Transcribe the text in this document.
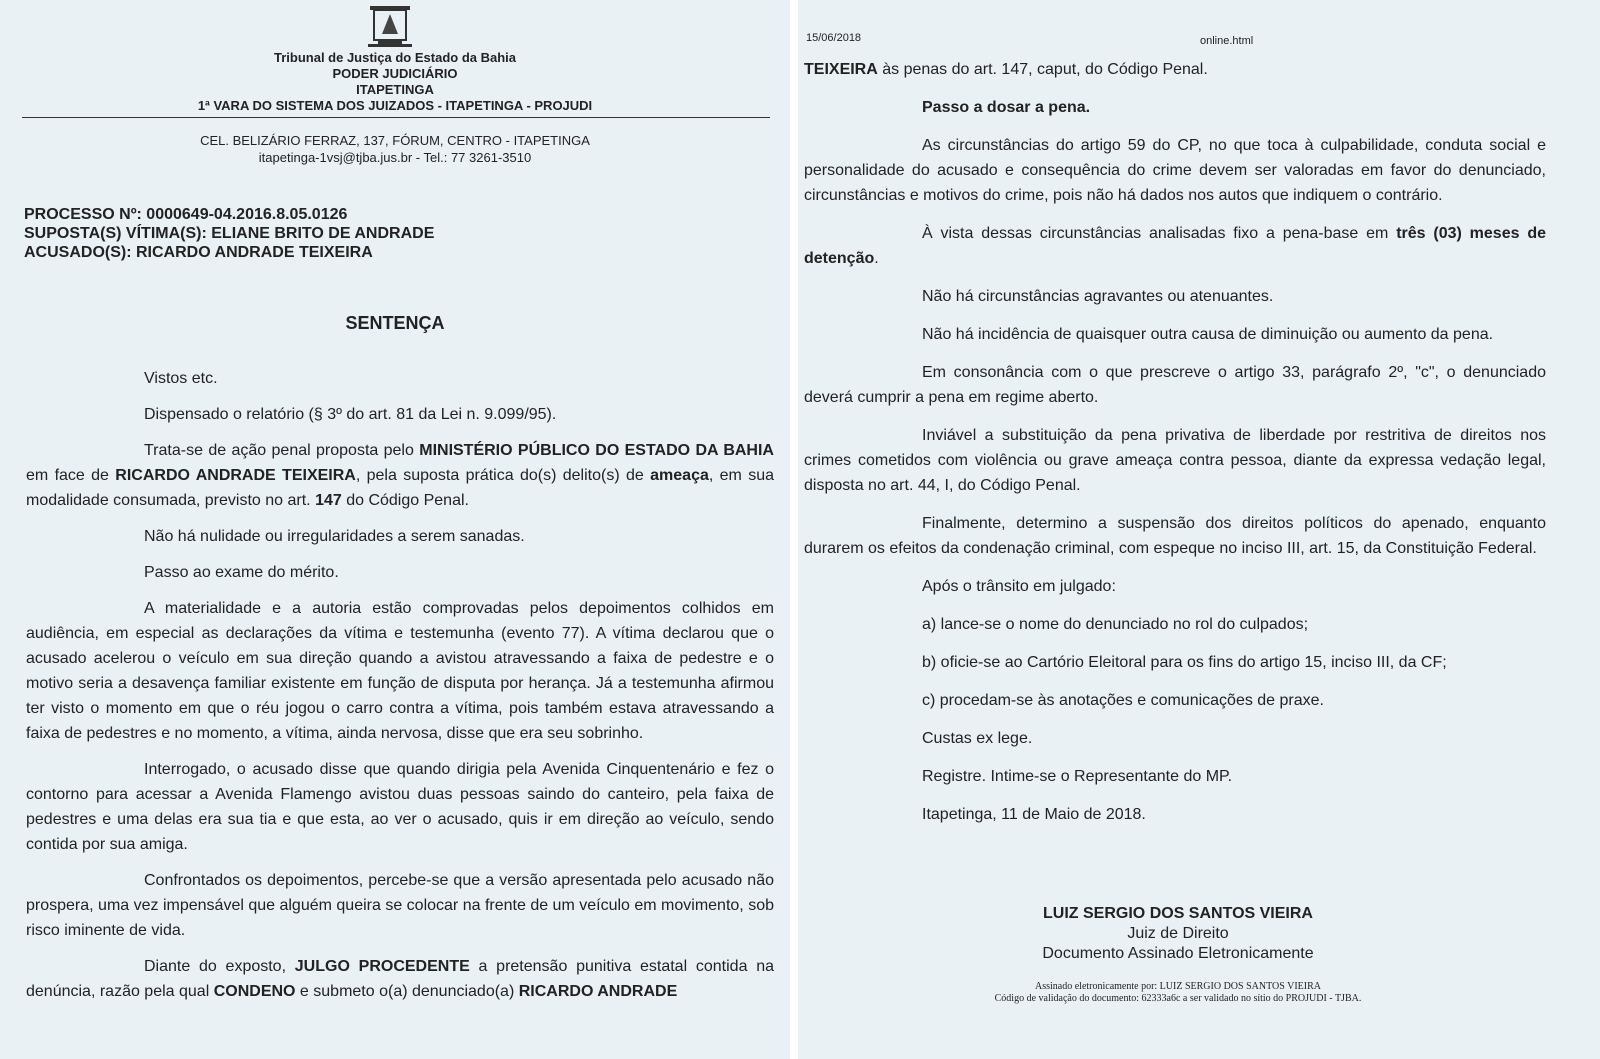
Tribunal de Justiça do Estado da Bahia
PODER JUDICIÁRIO
ITAPETINGA
1ª VARA DO SISTEMA DOS JUIZADOS - ITAPETINGA - PROJUDI
CEL. BELIZÁRIO FERRAZ, 137, FÓRUM, CENTRO - ITAPETINGA
itapetinga-1vsj@tjba.jus.br - Tel.: 77 3261-3510
PROCESSO Nº: 0000649-04.2016.8.05.0126
SUPOSTA(S) VÍTIMA(S): ELIANE BRITO DE ANDRADE
ACUSADO(S): RICARDO ANDRADE TEIXEIRA
SENTENÇA

Vistos etc.

Dispensado o relatório (§ 3º do art. 81 da Lei n. 9.099/95).

Trata-se de ação penal proposta pelo MINISTÉRIO PÚBLICO DO ESTADO DA BAHIA em face de RICARDO ANDRADE TEIXEIRA, pela suposta prática do(s) delito(s) de ameaça, em sua modalidade consumada, previsto no art. 147 do Código Penal.

Não há nulidade ou irregularidades a serem sanadas.

Passo ao exame do mérito.

A materialidade e a autoria estão comprovadas pelos depoimentos colhidos em audiência, em especial as declarações da vítima e testemunha (evento 77). A vítima declarou que o acusado acelerou o veículo em sua direção quando a avistou atravessando a faixa de pedestre e o motivo seria a desavença familiar existente em função de disputa por herança. Já a testemunha afirmou ter visto o momento em que o réu jogou o carro contra a vítima, pois também estava atravessando a faixa de pedestres e no momento, a vítima, ainda nervosa, disse que era seu sobrinho.

Interrogado, o acusado disse que quando dirigia pela Avenida Cinquentenário e fez o contorno para acessar a Avenida Flamengo avistou duas pessoas saindo do canteiro, pela faixa de pedestres e uma delas era sua tia e que esta, ao ver o acusado, quis ir em direção ao veículo, sendo contida por sua amiga.

Confrontados os depoimentos, percebe-se que a versão apresentada pelo acusado não prospera, uma vez impensável que alguém queira se colocar na frente de um veículo em movimento, sob risco iminente de vida.

Diante do exposto, JULGO PROCEDENTE a pretensão punitiva estatal contida na denúncia, razão pela qual CONDENO e submeto o(a) denunciado(a) RICARDO ANDRADE

15/06/2018	online.html

TEIXEIRA às penas do art. 147, caput, do Código Penal.

Passo a dosar a pena.

As circunstâncias do artigo 59 do CP, no que toca à culpabilidade, conduta social e personalidade do acusado e consequência do crime devem ser valoradas em favor do denunciado, circunstâncias e motivos do crime, pois não há dados nos autos que indiquem o contrário.

À vista dessas circunstâncias analisadas fixo a pena-base em três (03) meses de detenção.

Não há circunstâncias agravantes ou atenuantes.

Não há incidência de quaisquer outra causa de diminuição ou aumento da pena.

Em consonância com o que prescreve o artigo 33, parágrafo 2º, "c", o denunciado deverá cumprir a pena em regime aberto.

Inviável a substituição da pena privativa de liberdade por restritiva de direitos nos crimes cometidos com violência ou grave ameaça contra pessoa, diante da expressa vedação legal, disposta no art. 44, I, do Código Penal.

Finalmente, determino a suspensão dos direitos políticos do apenado, enquanto durarem os efeitos da condenação criminal, com espeque no inciso III, art. 15, da Constituição Federal.

Após o trânsito em julgado:

a) lance-se o nome do denunciado no rol do culpados;

b) oficie-se ao Cartório Eleitoral para os fins do artigo 15, inciso III, da CF;

c) procedam-se às anotações e comunicações de praxe.

Custas ex lege.

Registre. Intime-se o Representante do MP.

Itapetinga, 11 de Maio de 2018.

LUIZ SERGIO DOS SANTOS VIEIRA
Juiz de Direito
Documento Assinado Eletronicamente
Assinado eletronicamente por: LUIZ SERGIO DOS SANTOS VIEIRA
Código de validação do documento: 62333a6c a ser validado no sítio do PROJUDI - TJBA.
